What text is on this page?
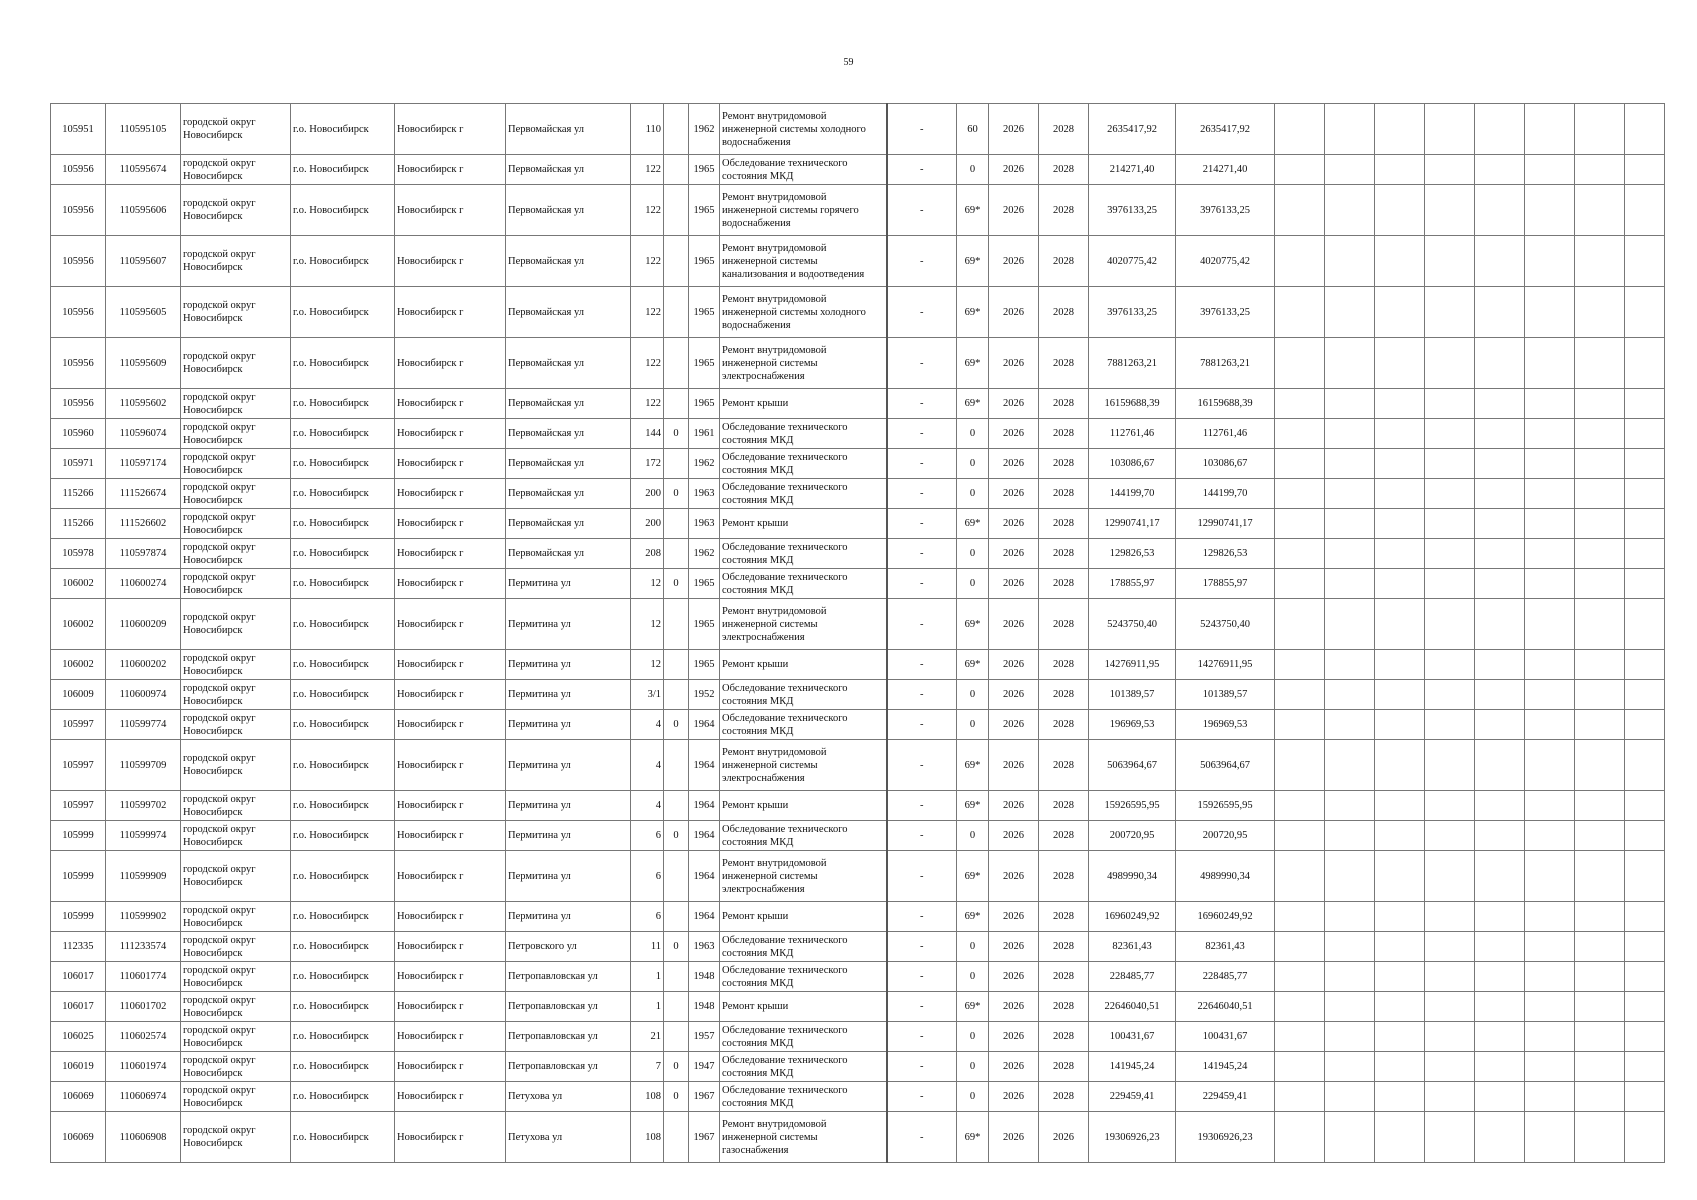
59
105951	110595105	городской округ Новосибирск	г.о. Новосибирск	Новосибирск г	Первомайская ул	110		1962	Ремонт внутридомовой инженерной системы холодного водоснабжения	-	60	2026	2028	2635417,92	2635417,92								
105956	110595674	городской округ Новосибирск	г.о. Новосибирск	Новосибирск г	Первомайская ул	122		1965	Обследование технического состояния МКД	-	0	2026	2028	214271,40	214271,40								
105956	110595606	городской округ Новосибирск	г.о. Новосибирск	Новосибирск г	Первомайская ул	122		1965	Ремонт внутридомовой инженерной системы горячего водоснабжения	-	69*	2026	2028	3976133,25	3976133,25								
105956	110595607	городской округ Новосибирск	г.о. Новосибирск	Новосибирск г	Первомайская ул	122		1965	Ремонт внутридомовой инженерной системы канализования и водоотведения	-	69*	2026	2028	4020775,42	4020775,42								
105956	110595605	городской округ Новосибирск	г.о. Новосибирск	Новосибирск г	Первомайская ул	122		1965	Ремонт внутридомовой инженерной системы холодного водоснабжения	-	69*	2026	2028	3976133,25	3976133,25								
105956	110595609	городской округ Новосибирск	г.о. Новосибирск	Новосибирск г	Первомайская ул	122		1965	Ремонт внутридомовой инженерной системы электроснабжения	-	69*	2026	2028	7881263,21	7881263,21								
105956	110595602	городской округ Новосибирск	г.о. Новосибирск	Новосибирск г	Первомайская ул	122		1965	Ремонт крыши	-	69*	2026	2028	16159688,39	16159688,39								
105960	110596074	городской округ Новосибирск	г.о. Новосибирск	Новосибирск г	Первомайская ул	144	0	1961	Обследование технического состояния МКД	-	0	2026	2028	112761,46	112761,46								
105971	110597174	городской округ Новосибирск	г.о. Новосибирск	Новосибирск г	Первомайская ул	172		1962	Обследование технического состояния МКД	-	0	2026	2028	103086,67	103086,67								
115266	111526674	городской округ Новосибирск	г.о. Новосибирск	Новосибирск г	Первомайская ул	200	0	1963	Обследование технического состояния МКД	-	0	2026	2028	144199,70	144199,70								
115266	111526602	городской округ Новосибирск	г.о. Новосибирск	Новосибирск г	Первомайская ул	200		1963	Ремонт крыши	-	69*	2026	2028	12990741,17	12990741,17								
105978	110597874	городской округ Новосибирск	г.о. Новосибирск	Новосибирск г	Первомайская ул	208		1962	Обследование технического состояния МКД	-	0	2026	2028	129826,53	129826,53								
106002	110600274	городской округ Новосибирск	г.о. Новосибирск	Новосибирск г	Пермитина ул	12	0	1965	Обследование технического состояния МКД	-	0	2026	2028	178855,97	178855,97								
106002	110600209	городской округ Новосибирск	г.о. Новосибирск	Новосибирск г	Пермитина ул	12		1965	Ремонт внутридомовой инженерной системы электроснабжения	-	69*	2026	2028	5243750,40	5243750,40								
106002	110600202	городской округ Новосибирск	г.о. Новосибирск	Новосибирск г	Пермитина ул	12		1965	Ремонт крыши	-	69*	2026	2028	14276911,95	14276911,95								
106009	110600974	городской округ Новосибирск	г.о. Новосибирск	Новосибирск г	Пермитина ул	3/1		1952	Обследование технического состояния МКД	-	0	2026	2028	101389,57	101389,57								
105997	110599774	городской округ Новосибирск	г.о. Новосибирск	Новосибирск г	Пермитина ул	4	0	1964	Обследование технического состояния МКД	-	0	2026	2028	196969,53	196969,53								
105997	110599709	городской округ Новосибирск	г.о. Новосибирск	Новосибирск г	Пермитина ул	4		1964	Ремонт внутридомовой инженерной системы электроснабжения	-	69*	2026	2028	5063964,67	5063964,67								
105997	110599702	городской округ Новосибирск	г.о. Новосибирск	Новосибирск г	Пермитина ул	4		1964	Ремонт крыши	-	69*	2026	2028	15926595,95	15926595,95								
105999	110599974	городской округ Новосибирск	г.о. Новосибирск	Новосибирск г	Пермитина ул	6	0	1964	Обследование технического состояния МКД	-	0	2026	2028	200720,95	200720,95								
105999	110599909	городской округ Новосибирск	г.о. Новосибирск	Новосибирск г	Пермитина ул	6		1964	Ремонт внутридомовой инженерной системы электроснабжения	-	69*	2026	2028	4989990,34	4989990,34								
105999	110599902	городской округ Новосибирск	г.о. Новосибирск	Новосибирск г	Пермитина ул	6		1964	Ремонт крыши	-	69*	2026	2028	16960249,92	16960249,92								
112335	111233574	городской округ Новосибирск	г.о. Новосибирск	Новосибирск г	Петровского ул	11	0	1963	Обследование технического состояния МКД	-	0	2026	2028	82361,43	82361,43								
106017	110601774	городской округ Новосибирск	г.о. Новосибирск	Новосибирск г	Петропавловская ул	1		1948	Обследование технического состояния МКД	-	0	2026	2028	228485,77	228485,77								
106017	110601702	городской округ Новосибирск	г.о. Новосибирск	Новосибирск г	Петропавловская ул	1		1948	Ремонт крыши	-	69*	2026	2028	22646040,51	22646040,51								
106025	110602574	городской округ Новосибирск	г.о. Новосибирск	Новосибирск г	Петропавловская ул	21		1957	Обследование технического состояния МКД	-	0	2026	2028	100431,67	100431,67								
106019	110601974	городской округ Новосибирск	г.о. Новосибирск	Новосибирск г	Петропавловская ул	7	0	1947	Обследование технического состояния МКД	-	0	2026	2028	141945,24	141945,24								
106069	110606974	городской округ Новосибирск	г.о. Новосибирск	Новосибирск г	Петухова ул	108	0	1967	Обследование технического состояния МКД	-	0	2026	2028	229459,41	229459,41								
106069	110606908	городской округ Новосибирск	г.о. Новосибирск	Новосибирск г	Петухова ул	108		1967	Ремонт внутридомовой инженерной системы газоснабжения	-	69*	2026	2026	19306926,23	19306926,23								
